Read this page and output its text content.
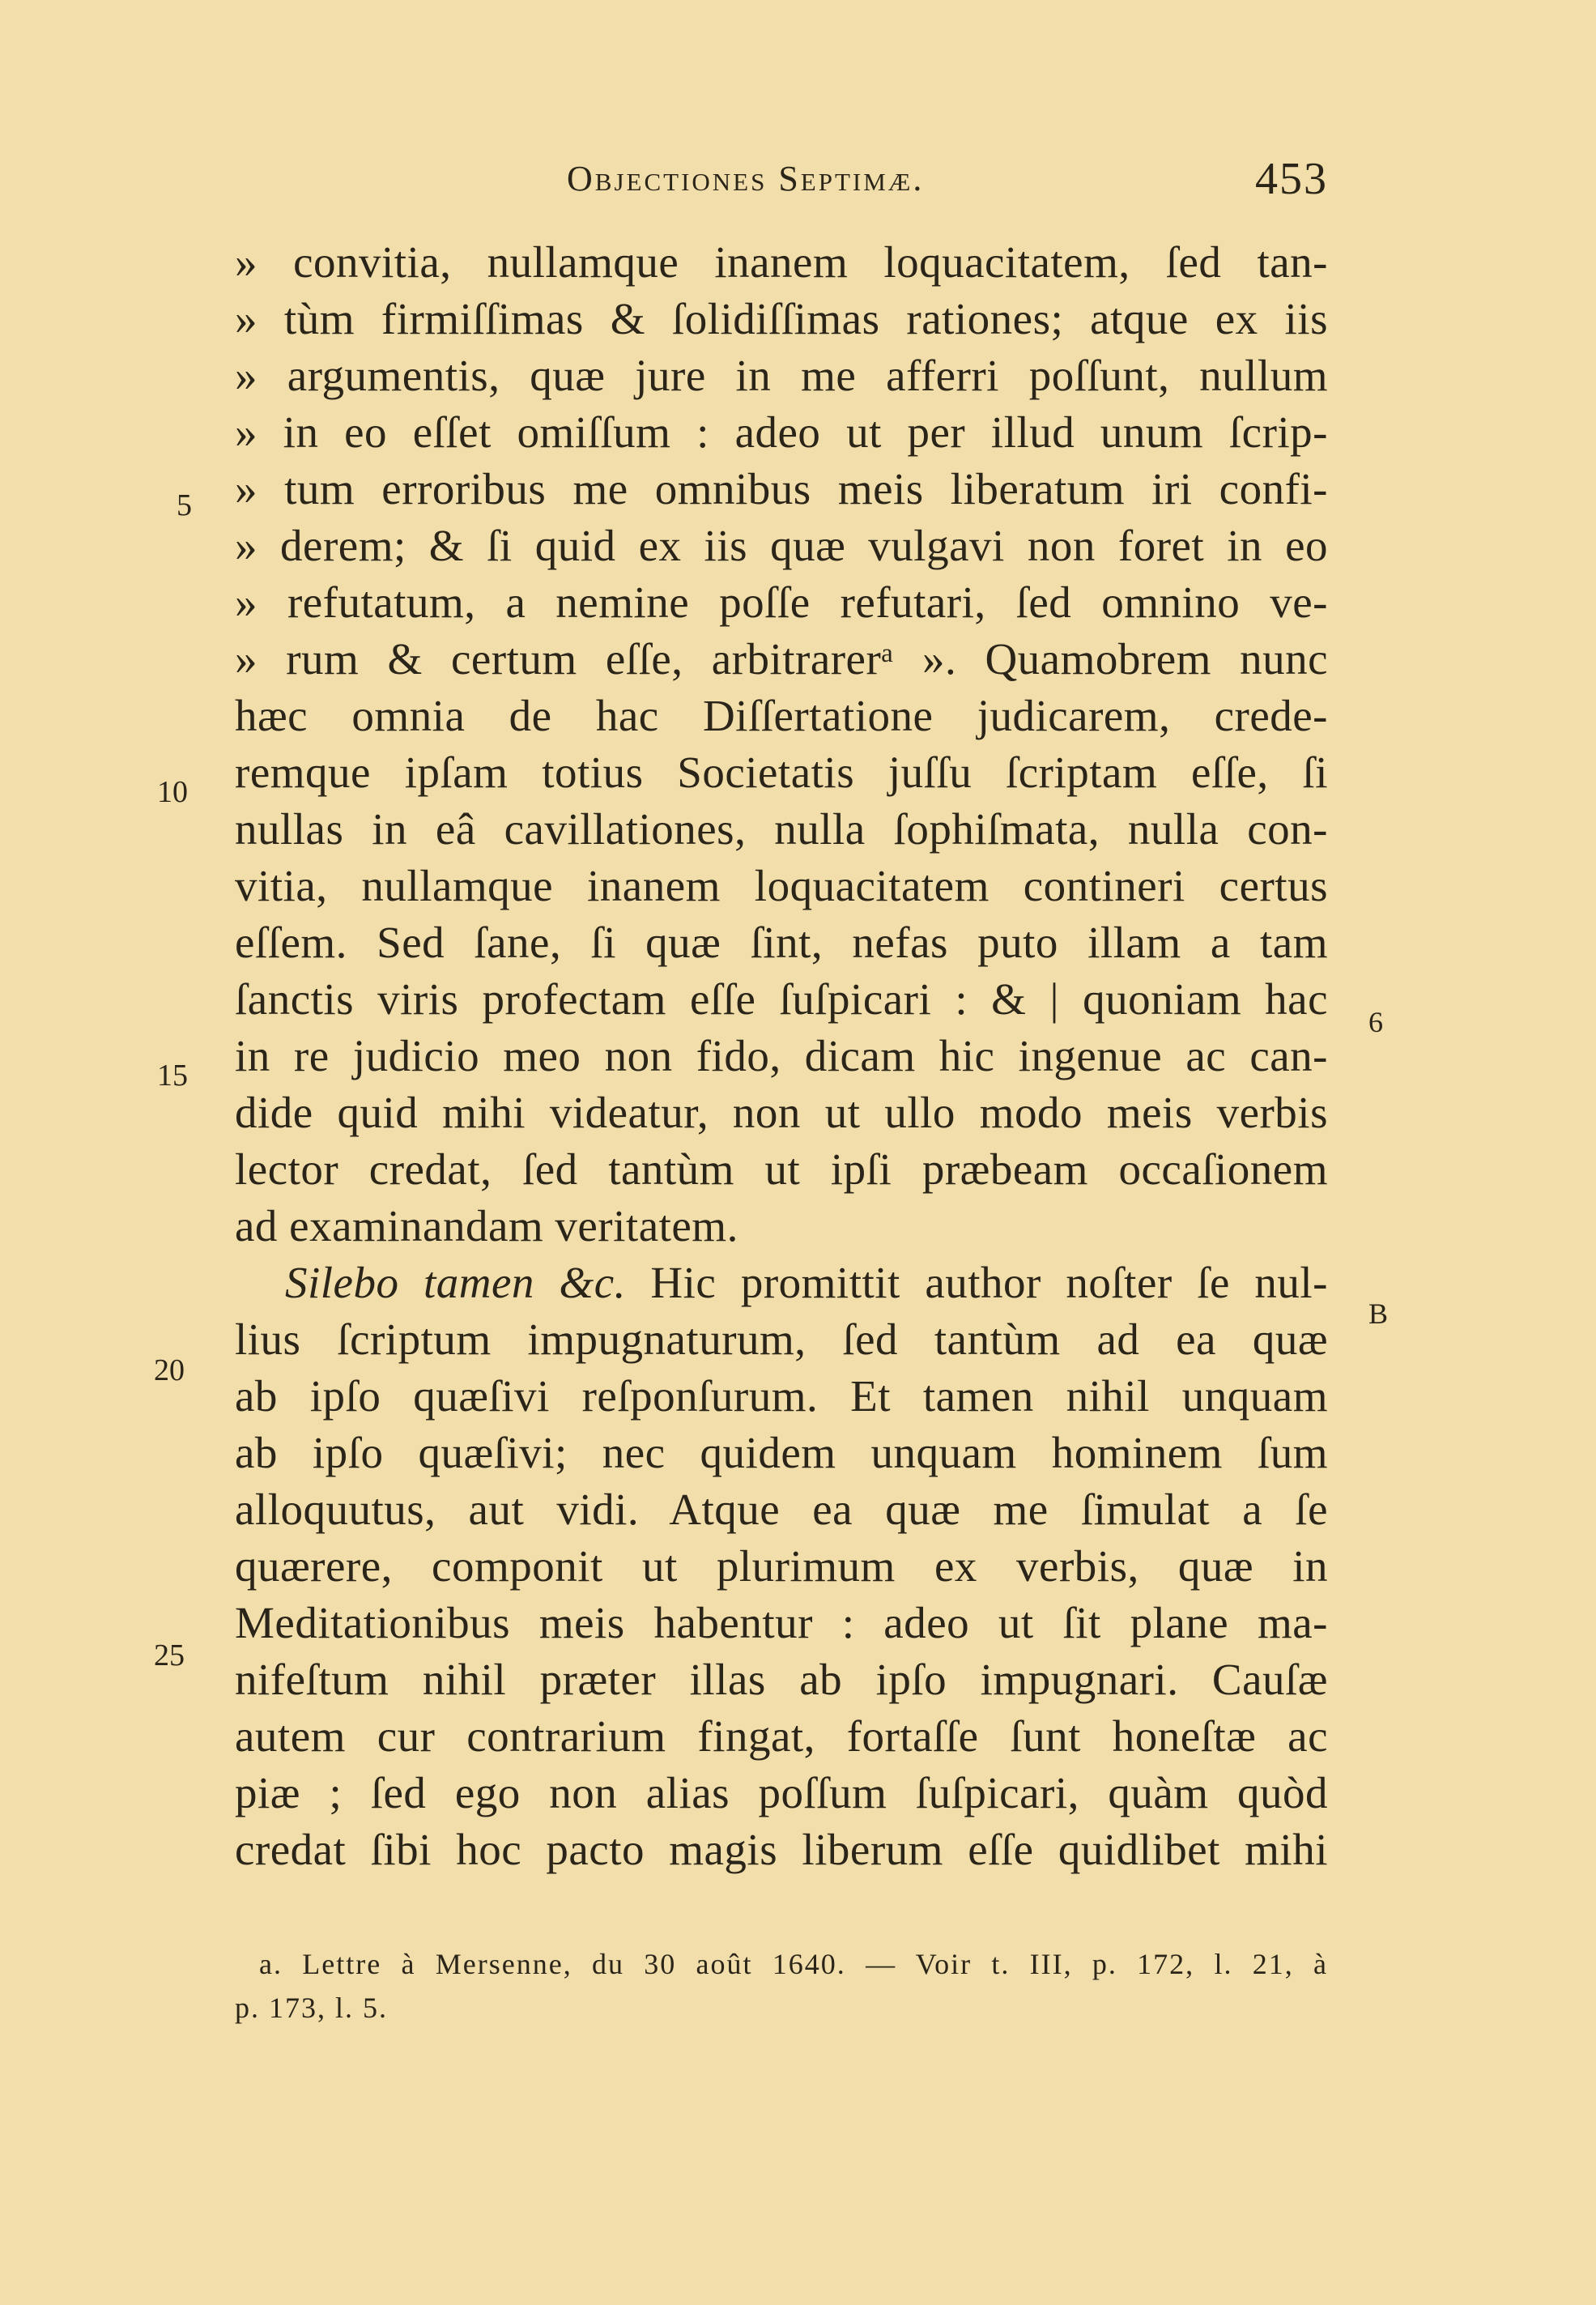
Objectiones Septimæ.	453
5
10
15
20
25
6
B
» convitia, nullamque inanem loquacitatem, ſed tan-
» tùm firmiſſimas & ſolidiſſimas rationes; atque ex iis
» argumentis, quæ jure in me afferri poſſunt, nullum
» in eo eſſet omiſſum : adeo ut per illud unum ſcrip-
» tum erroribus me omnibus meis liberatum iri confi-
» derem; & ſi quid ex iis quæ vulgavi non foret in eo
» refutatum, a nemine poſſe refutari, ſed omnino ve-
» rum & certum eſſe, arbitrarerᵃ ». Quamobrem nunc
hæc omnia de hac Diſſertatione judicarem, crede-
remque ipſam totius Societatis juſſu ſcriptam eſſe, ſi
nullas in eâ cavillationes, nulla ſophiſmata, nulla con-
vitia, nullamque inanem loquacitatem contineri certus
eſſem. Sed ſane, ſi quæ ſint, nefas puto illam a tam
ſanctis viris profectam eſſe ſuſpicari : & | quoniam hac
in re judicio meo non fido, dicam hic ingenue ac can-
dide quid mihi videatur, non ut ullo modo meis verbis
lector credat, ſed tantùm ut ipſi præbeam occaſionem
ad examinandam veritatem.
Silebo tamen &c. Hic promittit author noſter ſe nul-
lius ſcriptum impugnaturum, ſed tantùm ad ea quæ
ab ipſo quæſivi reſponſurum. Et tamen nihil unquam
ab ipſo quæſivi; nec quidem unquam hominem ſum
alloquutus, aut vidi. Atque ea quæ me ſimulat a ſe
quærere, componit ut plurimum ex verbis, quæ in
Meditationibus meis habentur : adeo ut ſit plane ma-
nifeſtum nihil præter illas ab ipſo impugnari. Cauſæ
autem cur contrarium fingat, fortaſſe ſunt honeſtæ ac
piæ ; ſed ego non alias poſſum ſuſpicari, quàm quòd
credat ſibi hoc pacto magis liberum eſſe quidlibet mihi
a. Lettre à Mersenne, du 30 août 1640. — Voir t. III, p. 172, l. 21, à
p. 173, l. 5.
